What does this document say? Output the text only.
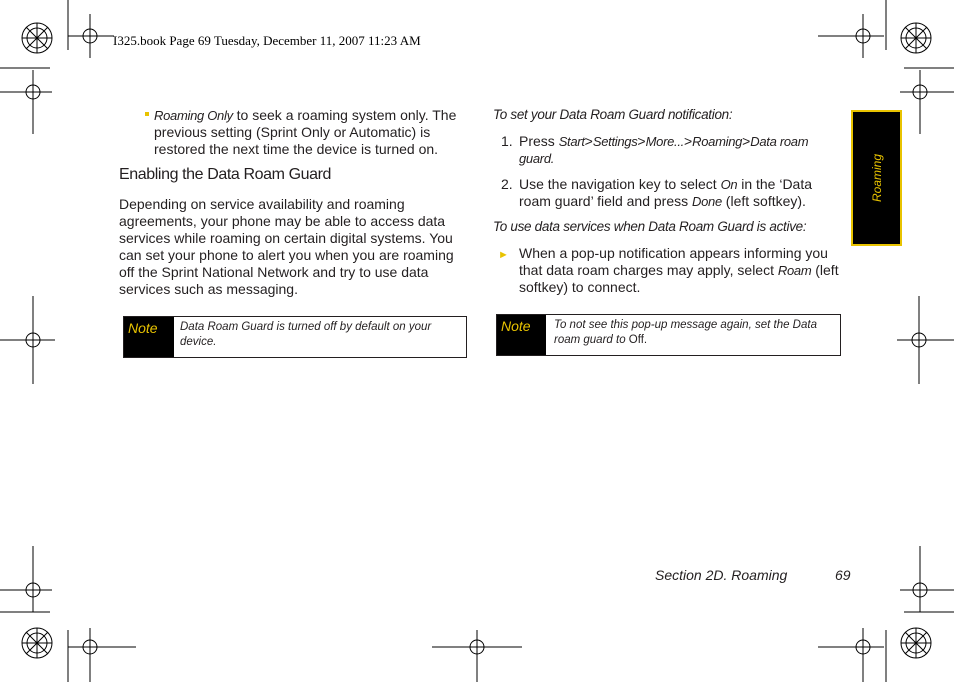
I325.book Page 69 Tuesday, December 11, 2007 11:23 AM
Roaming Only to seek a roaming system only. The previous setting (Sprint Only or Automatic) is restored the next time the device is turned on.
Enabling the Data Roam Guard
Depending on service availability and roaming agreements, your phone may be able to access data services while roaming on certain digital systems. You can set your phone to alert you when you are roaming off the Sprint National Network and try to use data services such as messaging.
Note	Data Roam Guard is turned off by default on your device.
To set your Data Roam Guard notification:
1. Press Start>Settings>More...>Roaming>Data roam guard.
2. Use the navigation key to select On in the ‘Data roam guard’ field and press Done (left softkey).
To use data services when Data Roam Guard is active:
► When a pop-up notification appears informing you that data roam charges may apply, select Roam (left softkey) to connect.
Note	To not see this pop-up message again, set the Data roam guard to Off.
Roaming
Section 2D. Roaming	69
